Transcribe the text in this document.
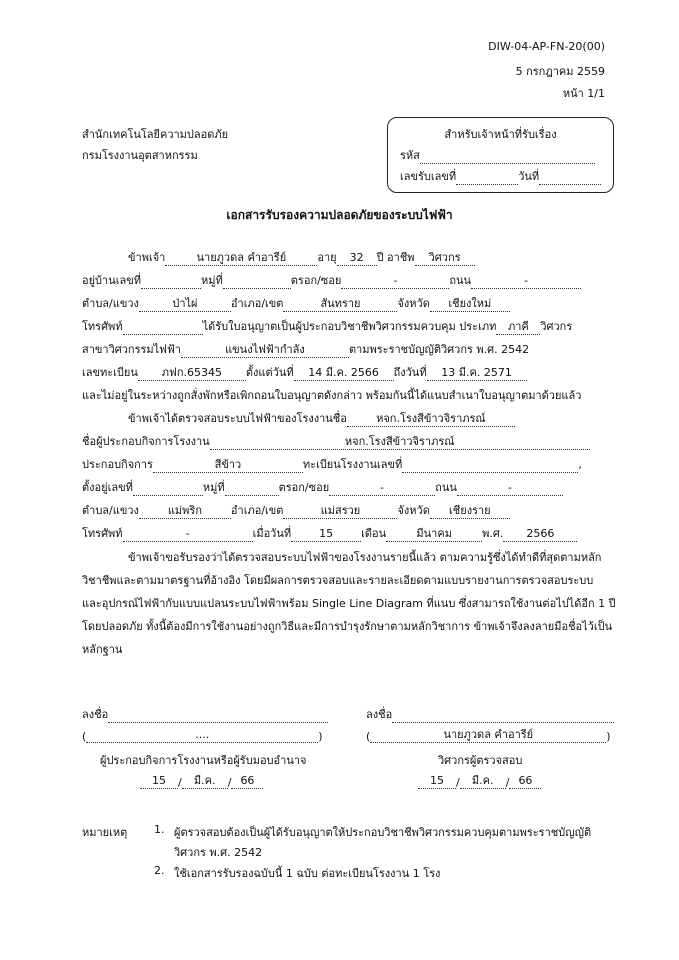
DIW-04-AP-FN-20(00)
5 กรกฎาคม 2559
หน้า 1/1
สำนักเทคโนโลยีความปลอดภัย
กรมโรงงานอุตสาหกรรม
สำหรับเจ้าหน้าที่รับเรื่อง
รหัส
เลขรับเลขที่	วันที่
เอกสารรับรองความปลอดภัยของระบบไฟฟ้า
ข้าพเจ้า	นายภูวดล คำอารีย์	อายุ 32 ปี อาชีพ วิศวกร
อยู่บ้านเลขที่	หมู่ที่	ตรอก/ซอย	-	ถนน	-
ตำบล/แขวง	ป่าไผ่	อำเภอ/เขต	สันทราย	จังหวัด เชียงใหม่
โทรศัพท์	ได้รับใบอนุญาตเป็นผู้ประกอบวิชาชีพวิศวกรรมควบคุม ประเภท ภาคี วิศวกร
สาขาวิศวกรรมไฟฟ้า	แขนงไฟฟ้ากำลัง	ตามพระราชบัญญัติวิศวกร พ.ศ. 2542
เลขทะเบียน ภฟก.65345 ตั้งแต่วันที่ 14 มี.ค. 2566 ถึงวันที่ 13 มี.ค. 2571
และไม่อยู่ในระหว่างถูกสั่งพักหรือเพิกถอนใบอนุญาตดังกล่าว พร้อมกันนี้ได้แนบสำเนาใบอนุญาตมาด้วยแล้ว
ข้าพเจ้าได้ตรวจสอบระบบไฟฟ้าของโรงงานชื่อ	หจก.โรงสีข้าวจิราภรณ์
ชื่อผู้ประกอบกิจการโรงงาน	หจก.โรงสีข้าวจิราภรณ์
ประกอบกิจการ	สีข้าว	ทะเบียนโรงงานเลขที่	,
ตั้งอยู่เลขที่	หมู่ที่	ตรอก/ซอย	-	ถนน	-
ตำบล/แขวง	แม่พริก	อำเภอ/เขต	แม่สรวย	จังหวัด เชียงราย
โทรศัพท์	-	เมื่อวันที่	15	เดือน	มีนาคม	พ.ศ. 2566
ข้าพเจ้าขอรับรองว่าได้ตรวจสอบระบบไฟฟ้าของโรงงานรายนี้แล้ว ตามความรู้ซึ่งได้ทำดีที่สุดตามหลัก
วิชาชีพและตามมาตรฐานที่อ้างอิง โดยมีผลการตรวจสอบและรายละเอียดตามแบบรายงานการตรวจสอบระบบ
และอุปกรณ์ไฟฟ้ากับแบบแปลนระบบไฟฟ้าพร้อม Single Line Diagram ที่แนบ ซึ่งสามารถใช้งานต่อไปได้อีก 1 ปี
โดยปลอดภัย ทั้งนี้ต้องมีการใช้งานอย่างถูกวิธีและมีการบำรุงรักษาตามหลักวิชาการ ข้าพเจ้าจึงลงลายมือชื่อไว้เป็น
หลักฐาน
ลงชื่อ
(	....	)
ผู้ประกอบกิจการโรงงานหรือผู้รับมอบอำนาจ
15 / มี.ค. / 66
ลงชื่อ
(	นายภูวดล คำอารีย์	)
วิศวกรผู้ตรวจสอบ
15 / มี.ค. / 66
หมายเหตุ 1. ผู้ตรวจสอบต้องเป็นผู้ได้รับอนุญาตให้ประกอบวิชาชีพวิศวกรรมควบคุมตามพระราชบัญญัติ
วิศวกร พ.ศ. 2542
2. ใช้เอกสารรับรองฉบับนี้ 1 ฉบับ ต่อทะเบียนโรงงาน 1 โรง
